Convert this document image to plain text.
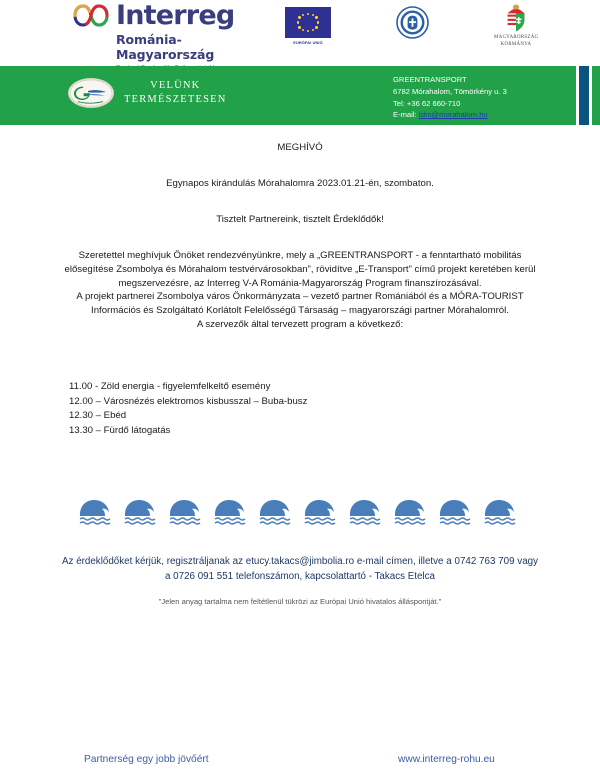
Interreg
Románia-Magyarország
EURÓPAI UNIÓ
MAGYARORSZÁG
KORMÁNYA
VELÜNK
TERMÉSZETESEN
GREENTRANSPORT
6782 Mórahalom, Tömörkény u. 3
Tel: +36 62 660-710
E-mail: tdm@morahalom.hu

MEGHÍVÓ

Egynapos kirándulás Mórahalomra 2023.01.21-én, szombaton.

Tisztelt Partnereink, tisztelt Érdeklődők!

Szeretettel meghívjuk Önöket rendezvényünkre, mely a „GREENTRANSPORT - a fenntartható mobilitás elősegítése Zsombolya és Mórahalom testvérvárosokban”, rövidítve „E-Transport” című projekt keretében kerül megszervezésre, az Interreg V-A Románia-Magyarország Program finanszírozásával.

A projekt partnerei Zsombolya város Önkormányzata – vezető partner Romániából és a MÓRA-TOURIST Információs és Szolgáltató Korlátolt Felelősségű Társaság – magyarországi partner Mórahalomról.

A szervezők által tervezett program a következő:

11.00 - Zöld energia - figyelemfelkeltő esemény
12.00 – Városnézés elektromos kisbusszal – Buba-busz
12.30 – Ebéd
13.30 – Fürdő látogatás

Az érdeklődőket kérjük, regisztráljanak az etucy.takacs@jimbolia.ro e-mail címen, illetve a 0742 763 709 vagy a 0726 091 551 telefonszámon, kapcsolattartó - Takacs Etelca

”Jelen anyag tartalma nem feltétlenül tükrözi az Európai Unió hivatalos álláspontját.”

Partnerség egy jobb jövőért	www.interreg-rohu.eu
